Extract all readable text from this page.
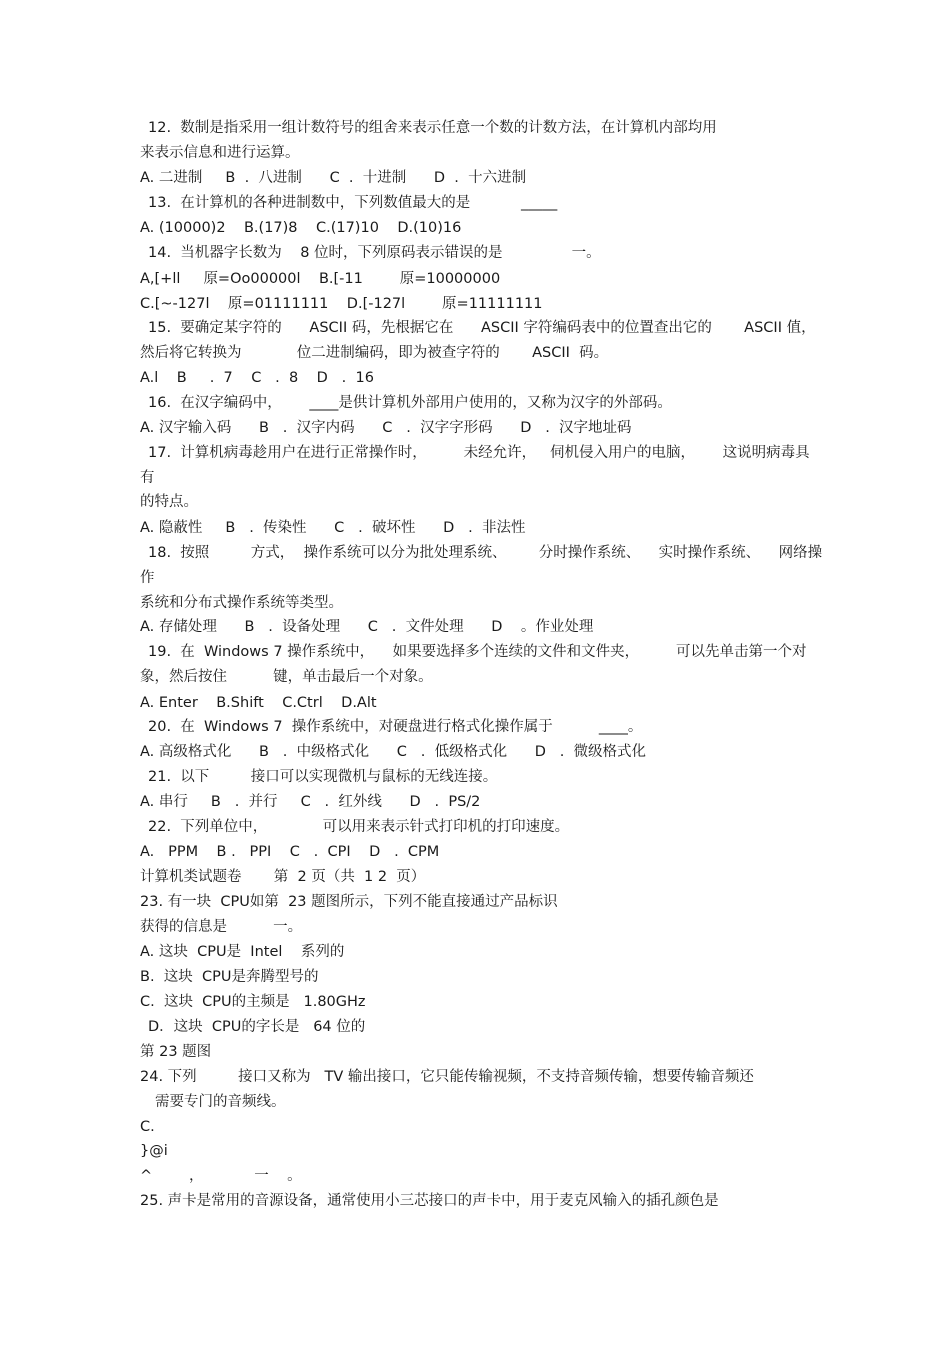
12.  数制是指采用一组计数符号的组舍来表示任意一个数的计数方法，在计算机内部均用

来表示信息和进行运算。

A. 二进制     B  .  八进制      C  .  十进制      D  .  十六进制

13.  在计算机的各种进制数中，下列数值最大的是           _____

A. (10000)2    B.(17)8    C.(17)10    D.(10)16

14.  当机器字长数为    8 位时，下列原码表示错误的是               一。

A,[+ll     原=Oo00000l    B.[-11        原=10000000

C.[~-127l    原=01111111    D.[-127l        原=11111111

15.  要确定某字符的      ASCII 码，先根据它在      ASCII 字符编码表中的位置查出它的       ASCII 值，

然后将它转换为            位二进制编码，即为被查字符的       ASCII  码。

A.l    B     .  7    C   .  8    D   .  16

16.  在汉字编码中，      ____是供计算机外部用户使用的，又称为汉字的外部码。

A. 汉字输入码      B   .  汉字内码      C   .  汉字字形码      D   .  汉字地址码

17.  计算机病毒趁用户在进行正常操作时，        未经允许，   伺机侵入用户的电脑，      这说明病毒具

有

的特点。

A. 隐蔽性     B   .  传染性      C   .  破坏性      D   .  非法性

18.  按照         方式，  操作系统可以分为批处理系统、       分时操作系统、    实时操作系统、    网络操

作

系统和分布式操作系统等类型。

A. 存储处理      B   .  设备处理      C   .  文件处理      D    。作业处理

19.  在  Windows 7 操作系统中，    如果要选择多个连续的文件和文件夹，        可以先单击第一个对

象，然后按住          键，单击最后一个对象。

A. Enter    B.Shift    C.Ctrl    D.Alt

20.  在  Windows 7  操作系统中，对硬盘进行格式化操作属于          ____。

A. 高级格式化      B   .  中级格式化      C   .  低级格式化      D   .  微级格式化

21.  以下         接口可以实现微机与鼠标的无线连接。

A. 串行     B   .  并行     C   .  红外线      D   .  PS/2

22.  下列单位中，            可以用来表示针式打印机的打印速度。

A.   PPM    B .   PPI    C   .  CPI    D   .  CPM

计算机类试题卷       第  2 页（共  1 2  页）

23. 有一块  CPU如第  23 题图所示，下列不能直接通过产品标识

获得的信息是          一。

A. 这块  CPU是  Intel    系列的

B.  这块  CPU是奔腾型号的

C.  这块  CPU的主频是   1.80GHz

D．这块  CPU的字长是   64 位的

第 23 题图

24. 下列         接口又称为   TV 输出接口，它只能传输视频，不支持音频传输，想要传输音频还

需要专门的音频线。

C.

}@i

^        ，           一    。

25. 声卡是常用的音源设备，通常使用小三芯接口的声卡中，用于麦克风输入的插孔颜色是
